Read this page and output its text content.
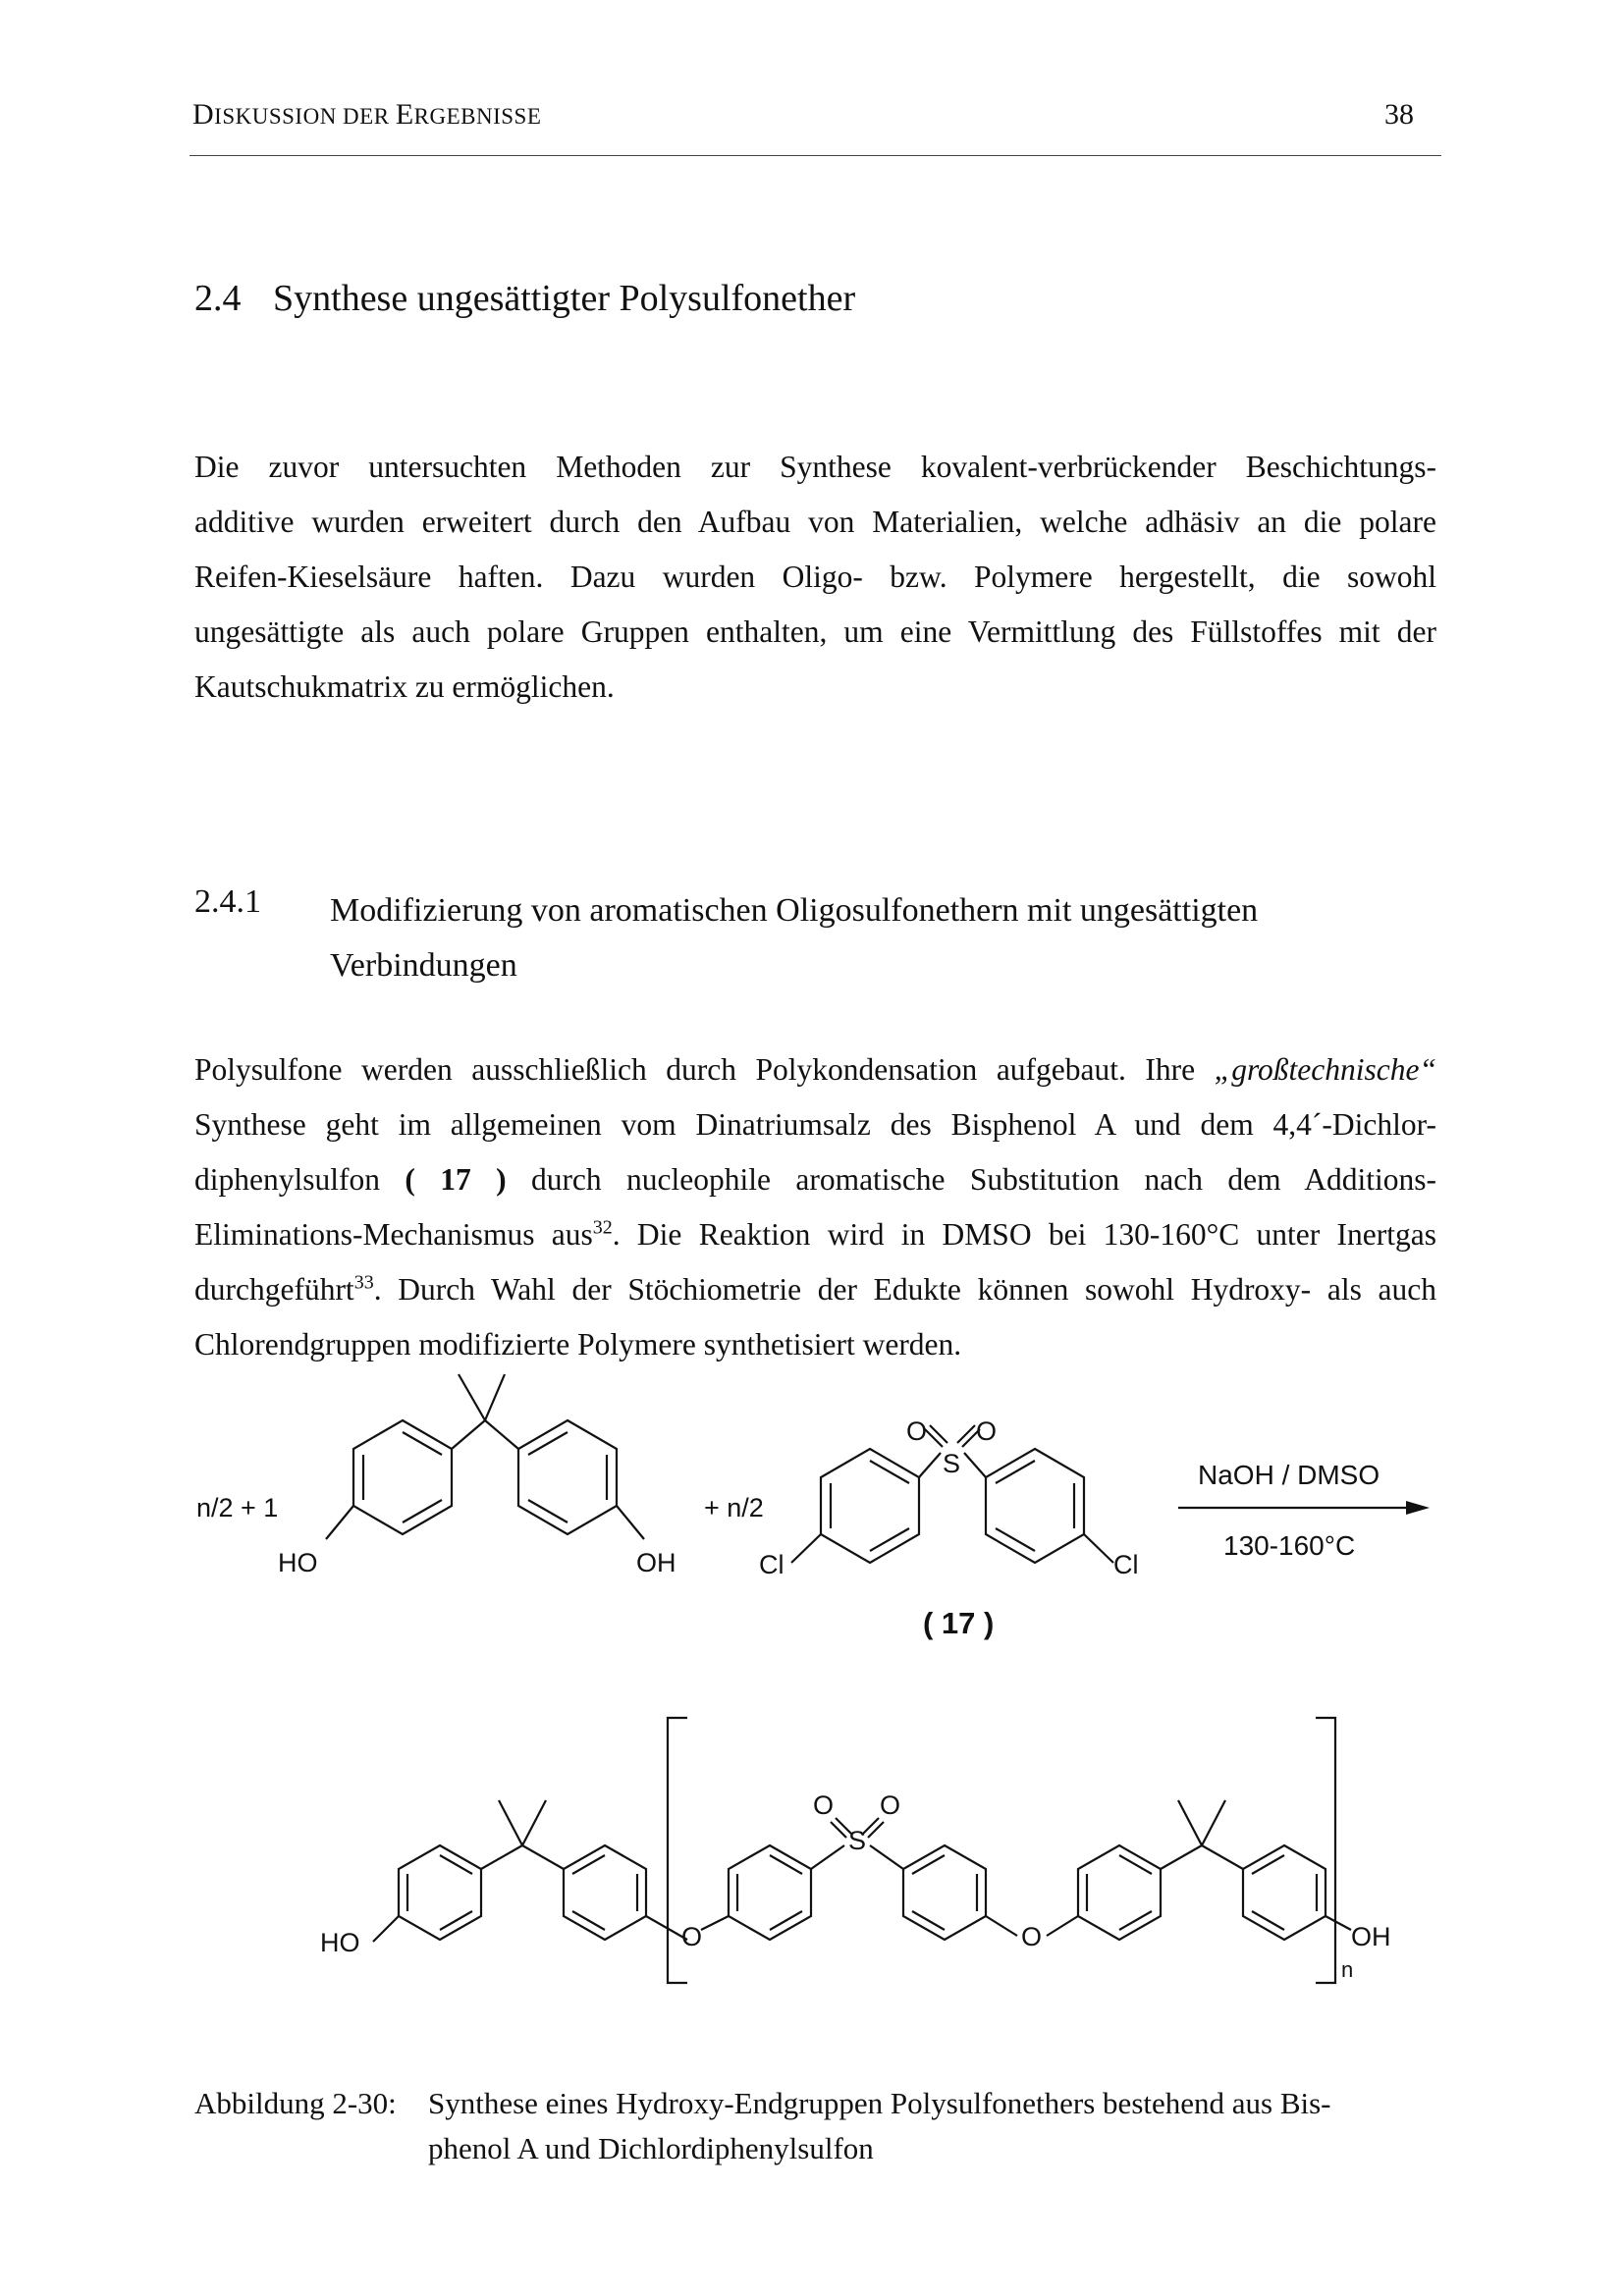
DISKUSSION DER ERGEBNISSE	38
2.4 Synthese ungesättigter Polysulfonether
Die zuvor untersuchten Methoden zur Synthese kovalent-verbrückender Beschichtungs-
additive wurden erweitert durch den Aufbau von Materialien, welche adhäsiv an die polare
Reifen-Kieselsäure haften. Dazu wurden Oligo- bzw. Polymere hergestellt, die sowohl
ungesättigte als auch polare Gruppen enthalten, um eine Vermittlung des Füllstoffes mit der
Kautschukmatrix zu ermöglichen.
2.4.1 Modifizierung von aromatischen Oligosulfonethern mit ungesättigten
Verbindungen
Polysulfone werden ausschließlich durch Polykondensation aufgebaut. Ihre „großtechnische“
Synthese geht im allgemeinen vom Dinatriumsalz des Bisphenol A und dem 4,4´-Dichlor-
diphenylsulfon ( 17 ) durch nucleophile aromatische Substitution nach dem Additions-
Eliminations-Mechanismus aus$^{32}$. Die Reaktion wird in DMSO bei 130-160°C unter Inertgas
durchgeführt$^{33}$. Durch Wahl der Stöchiometrie der Edukte können sowohl Hydroxy- als auch
Chlorendgruppen modifizierte Polymere synthetisiert werden.
n/2 + 1
HO	OH
+ n/2
Cl	Cl
O O
S	NaOH / DMSO
130-160°C
( 17 )
HO	O
O O
S
O	OH
n
Abbildung 2-30: Synthese eines Hydroxy-Endgruppen Polysulfonethers bestehend aus Bis-
phenol A und Dichlordiphenylsulfon
